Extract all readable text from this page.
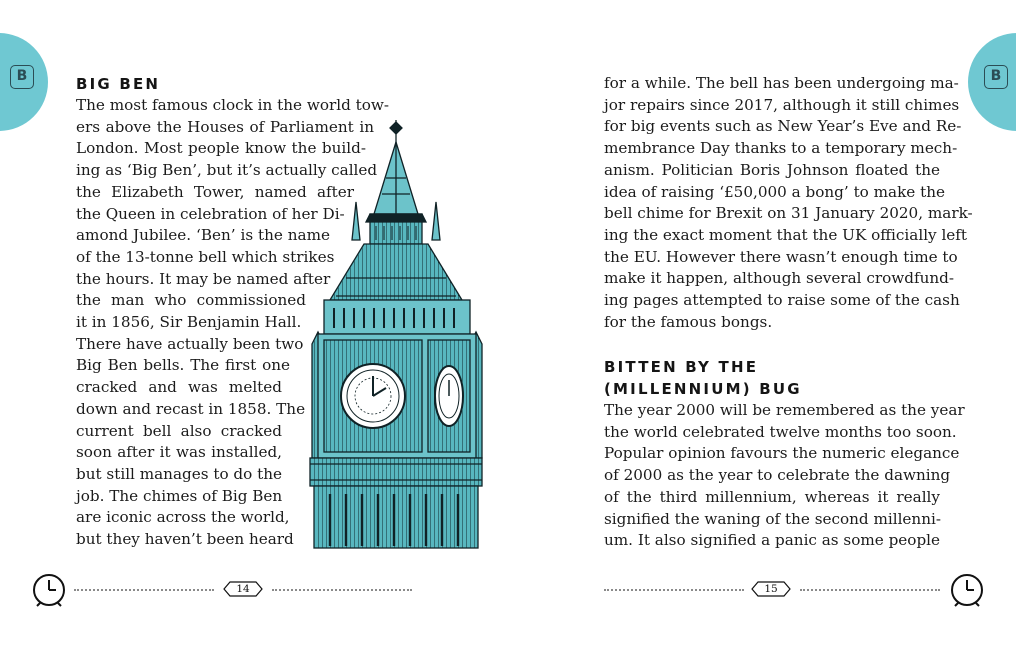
B	B
BIG BEN
The most famous clock in the world tow-
ers above the Houses of Parliament in
London. Most people know the build-
ing as ‘Big Ben’, but it’s actually called
the Elizabeth Tower, named after
the Queen in celebration of her Di-
amond Jubilee. ‘Ben’ is the name
of the 13-tonne bell which strikes
the hours. It may be named after
the man who commissioned
it in 1856, Sir Benjamin Hall.
There have actually been two
Big Ben bells. The first one
cracked and was melted
down and recast in 1858. The
current bell also cracked
soon after it was installed,
but still manages to do the
job. The chimes of Big Ben
are iconic across the world,
but they haven’t been heard
for a while. The bell has been undergoing ma-
jor repairs since 2017, although it still chimes
for big events such as New Year’s Eve and Re-
membrance Day thanks to a temporary mech-
anism. Politician Boris Johnson floated the
idea of raising ‘£50,000 a bong’ to make the
bell chime for Brexit on 31 January 2020, mark-
ing the exact moment that the UK officially left
the EU. However there wasn’t enough time to
make it happen, although several crowdfund-
ing pages attempted to raise some of the cash
for the famous bongs.
BITTEN BY THE
(MILLENNIUM) BUG
The year 2000 will be remembered as the year
the world celebrated twelve months too soon.
Popular opinion favours the numeric elegance
of 2000 as the year to celebrate the dawning
of the third millennium, whereas it really
signified the waning of the second millenni-
um. It also signified a panic as some people
14	15
